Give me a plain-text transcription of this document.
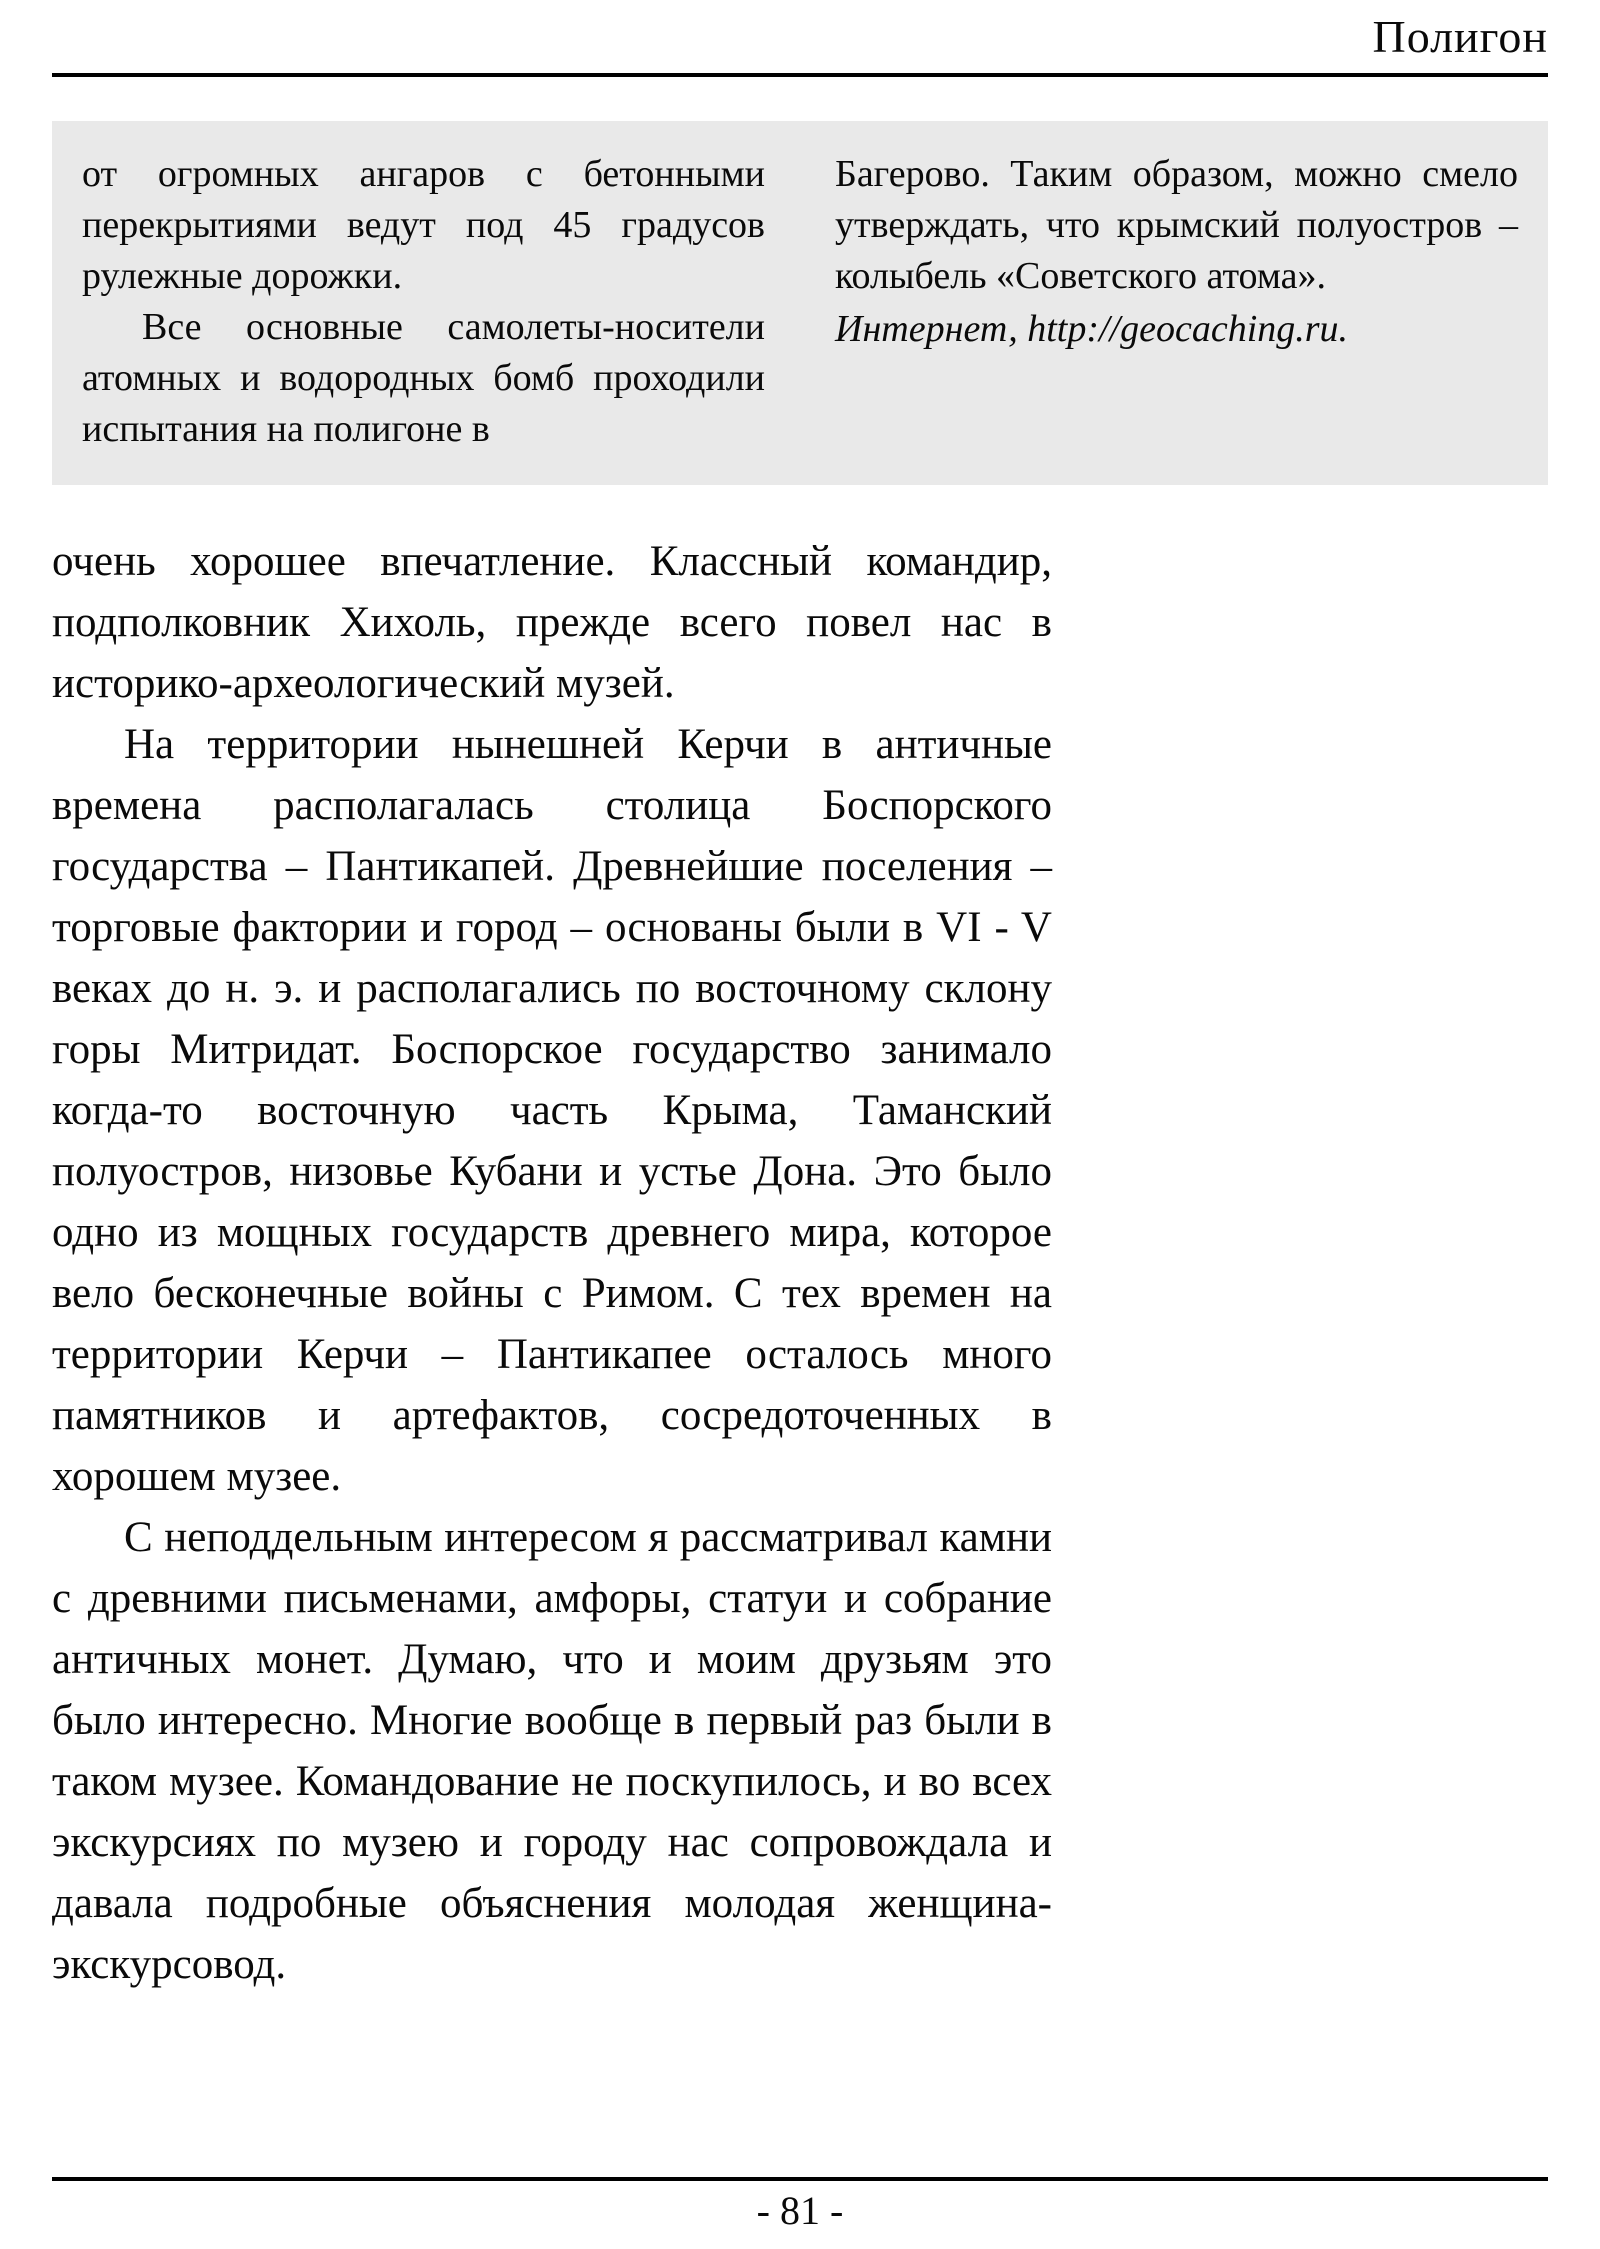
Полигон

от огромных ангаров с бетонными перекрытиями ведут под 45 градусов рулежные дорожки.

Все основные самолеты-носители атомных и водородных бомб проходили испытания на полигоне в

Багерово. Таким образом, можно смело утверждать, что крымский полуостров – колыбель «Советского атома».

Интернет, http://geocaching.ru.

очень хорошее впечатление. Классный командир, подполковник Хихоль, прежде всего повел нас в историко-археологический музей.

На территории нынешней Керчи в античные времена располагалась столица Боспорского государства – Пантикапей. Древнейшие поселения – торговые фактории и город – основаны были в VI - V веках до н. э. и располагались по восточному склону горы Митридат. Боспорское государство занимало когда-то восточную часть Крыма, Таманский полуостров, низовье Кубани и устье Дона. Это было одно из мощных государств древнего мира, которое вело бесконечные войны с Римом. С тех времен на территории Керчи – Пантикапее осталось много памятников и артефактов, сосредоточенных в хорошем музее.

С неподдельным интересом я рассматривал камни с древними письменами, амфоры, статуи и собрание античных монет. Думаю, что и моим друзьям это было интересно. Многие вообще в первый раз были в таком музее. Командование не поскупилось, и во всех экскурсиях по музею и городу нас сопровождала и давала подробные объяснения молодая женщина-экскурсовод.

- 81 -
